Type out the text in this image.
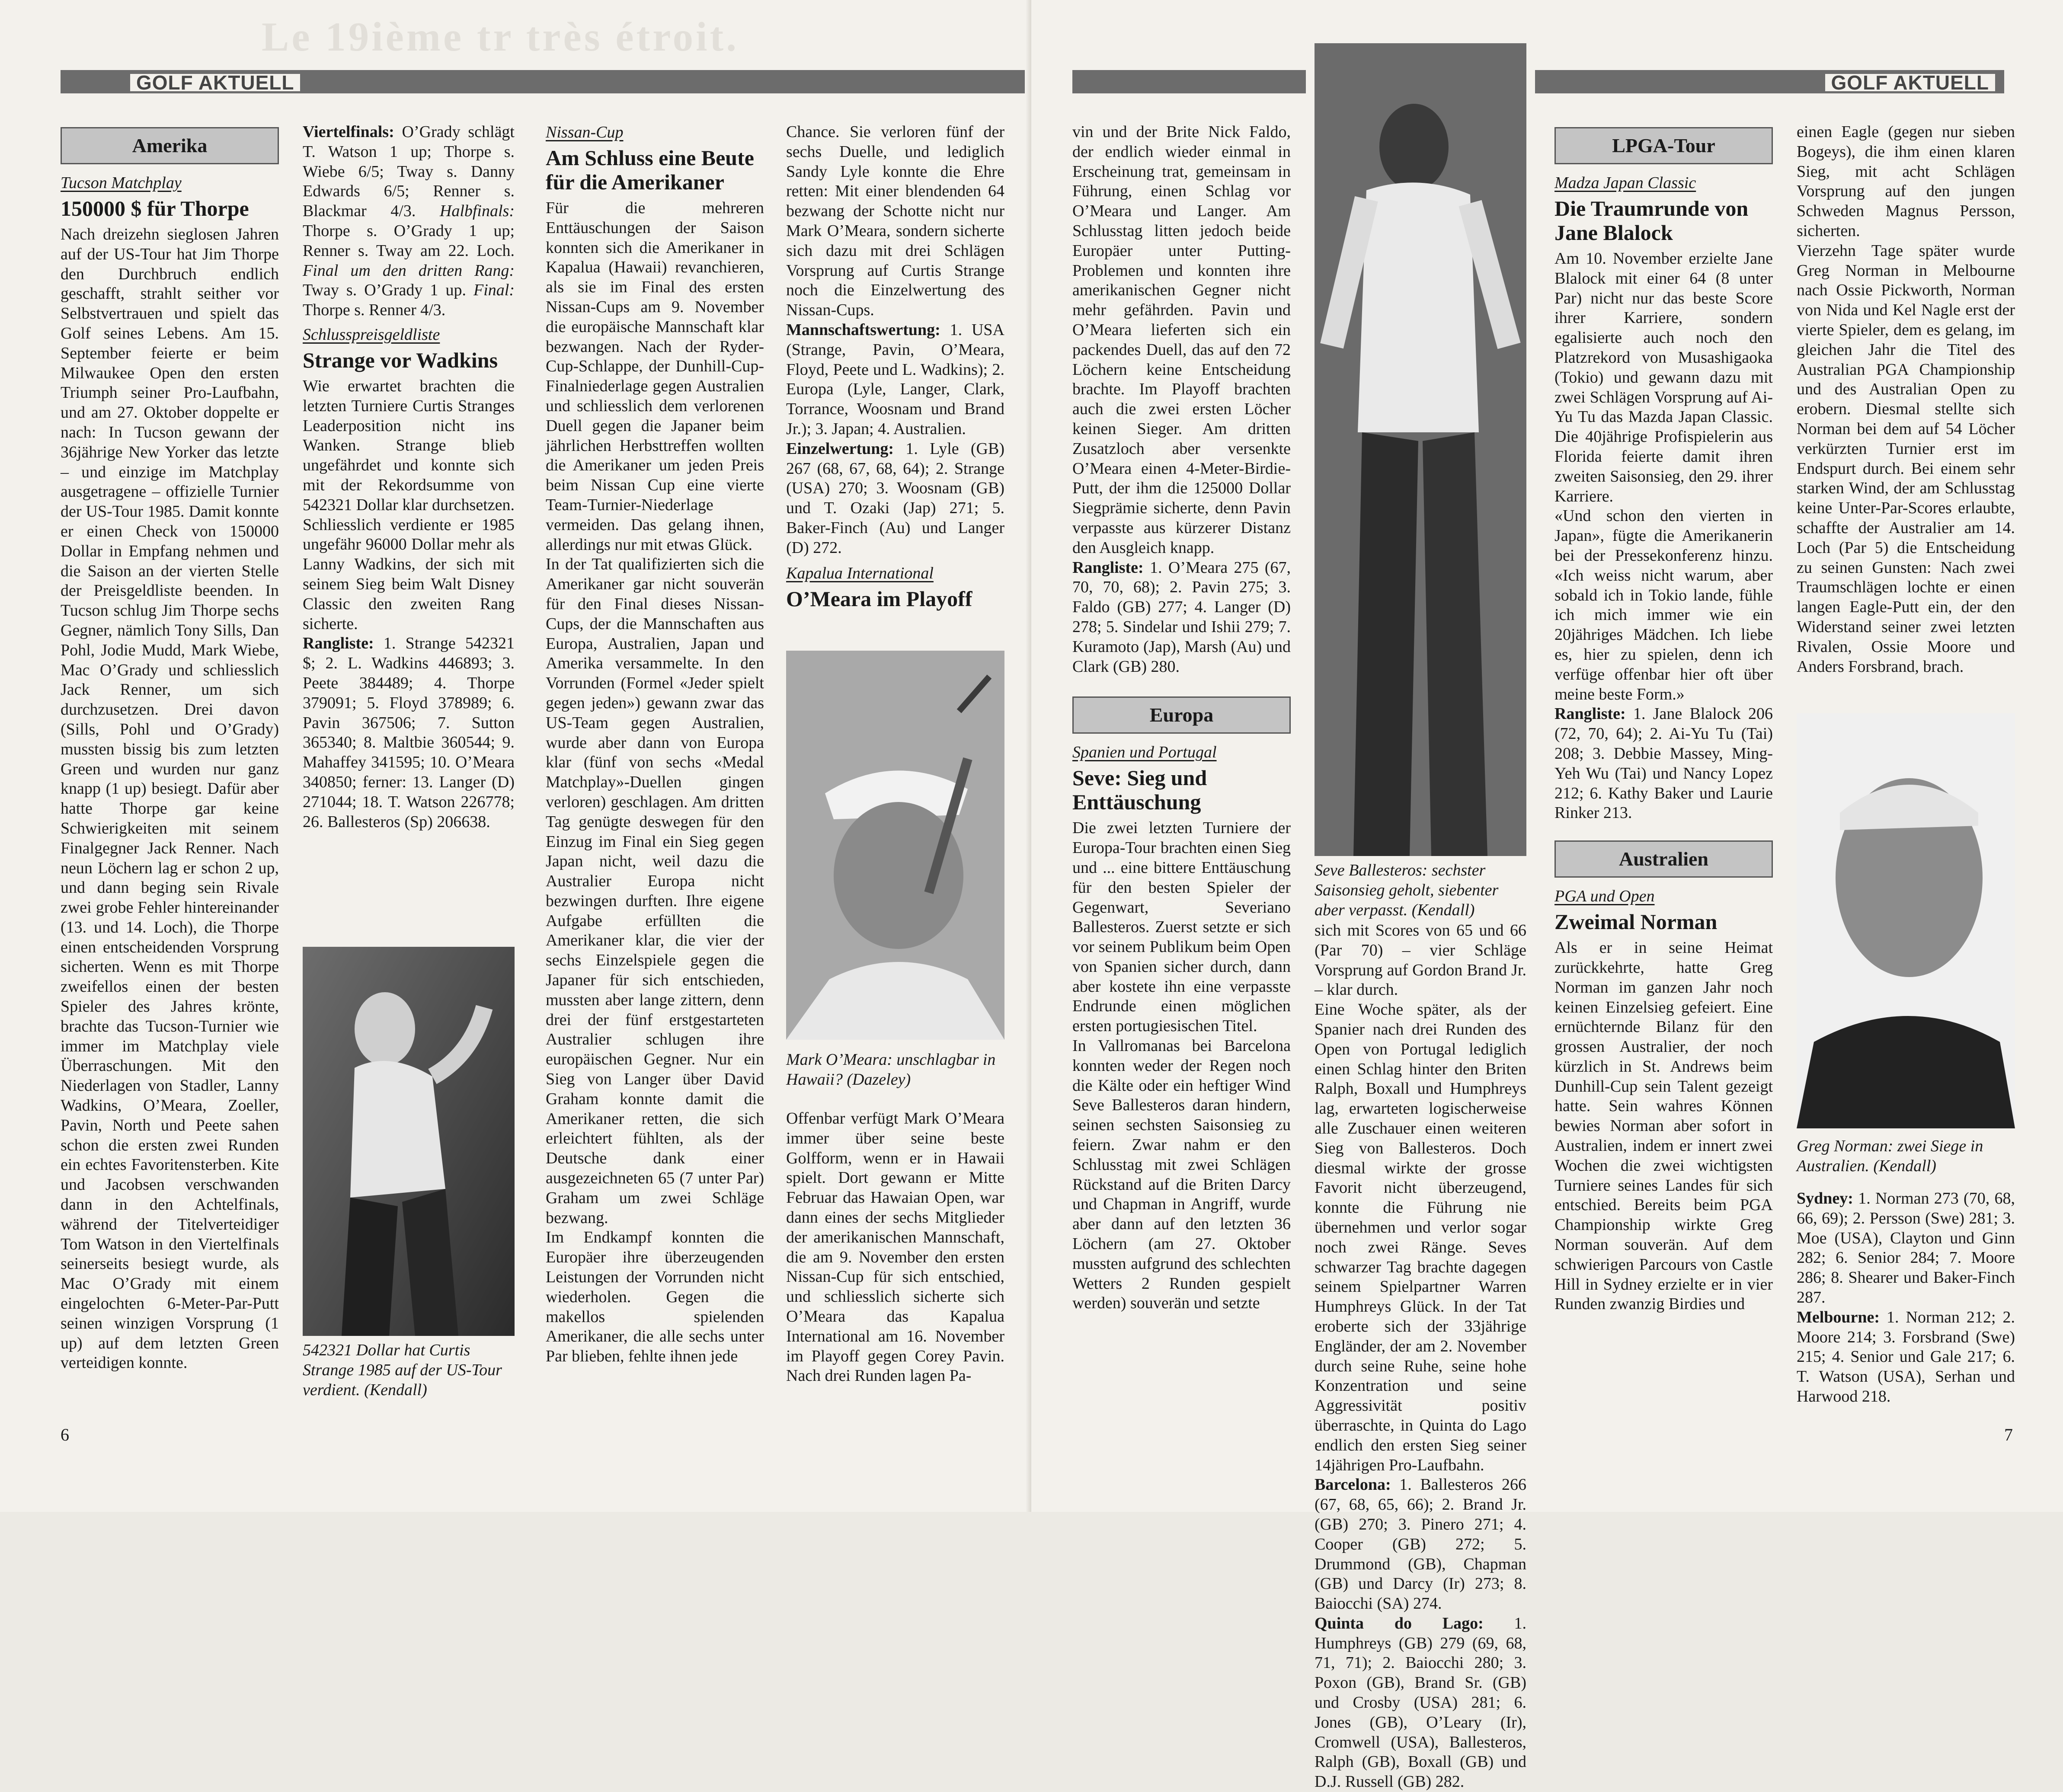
GOLF AKTUELL
Amerika
Tucson Matchplay
150000 $ für Thorpe

Nach dreizehn sieglosen Jahren auf der US-Tour hat Jim Thorpe den Durchbruch endlich geschafft, strahlt seither vor Selbstvertrauen und spielt das Golf seines Lebens. Am 15. September feierte er beim Milwaukee Open den ersten Triumph seiner Pro-Laufbahn, und am 27. Oktober doppelte er nach: In Tucson gewann der 36jährige New Yorker das letzte – und einzige im Matchplay ausgetragene – offizielle Turnier der US-Tour 1985. Damit konnte er einen Check von 150000 Dollar in Empfang nehmen und die Saison an der vierten Stelle der Preisgeldliste beenden. In Tucson schlug Jim Thorpe sechs Gegner, nämlich Tony Sills, Dan Pohl, Jodie Mudd, Mark Wiebe, Mac O’Grady und schliesslich Jack Renner, um sich durchzusetzen. Drei davon (Sills, Pohl und O’Grady) mussten bissig bis zum letzten Green und wurden nur ganz knapp (1 up) besiegt. Dafür aber hatte Thorpe gar keine Schwierigkeiten mit seinem Finalgegner Jack Renner. Nach neun Löchern lag er schon 2 up, und dann beging sein Rivale zwei grobe Fehler hintereinander (13. und 14. Loch), die Thorpe einen entscheidenden Vorsprung sicherten. Wenn es mit Thorpe zweifellos einen der besten Spieler des Jahres krönte, brachte das Tucson-Turnier wie immer im Matchplay viele Überraschungen. Mit den Niederlagen von Stadler, Lanny Wadkins, O’Meara, Zoeller, Pavin, North und Peete sahen schon die ersten zwei Runden ein echtes Favoritensterben. Kite und Jacobsen verschwanden dann in den Achtelfinals, während der Titelverteidiger Tom Watson in den Viertelfinals seinerseits besiegt wurde, als Mac O’Grady mit einem eingelochten 6-Meter-Par-Putt seinen winzigen Vorsprung (1 up) auf dem letzten Green verteidigen konnte.

Viertelfinals: O’Grady schlägt T. Watson 1 up; Thorpe s. Wiebe 6/5; Tway s. Danny Edwards 6/5; Renner s. Blackmar 4/3. Halbfinals: Thorpe s. O’Grady 1 up; Renner s. Tway am 22. Loch. Final um den dritten Rang: Tway s. O’Grady 1 up. Final: Thorpe s. Renner 4/3.

Schlusspreisgeldliste
Strange vor Wadkins

Wie erwartet brachten die letzten Turniere Curtis Stranges Leaderposition nicht ins Wanken. Strange blieb ungefährdet und konnte sich mit der Rekordsumme von 542321 Dollar klar durchsetzen. Schliesslich verdiente er 1985 ungefähr 96000 Dollar mehr als Lanny Wadkins, der sich mit seinem Sieg beim Walt Disney Classic den zweiten Rang sicherte.

Rangliste: 1. Strange 542321 $; 2. L. Wadkins 446893; 3. Peete 384489; 4. Thorpe 379091; 5. Floyd 378989; 6. Pavin 367506; 7. Sutton 365340; 8. Maltbie 360544; 9. Mahaffey 341595; 10. O’Meara 340850; ferner: 13. Langer (D) 271044; 18. T. Watson 226778; 26. Ballesteros (Sp) 206638.

542321 Dollar hat Curtis Strange 1985 auf der US-Tour verdient. (Kendall)
Nissan-Cup
Am Schluss eine Beute für die Amerikaner

Für die mehreren Enttäuschungen der Saison konnten sich die Amerikaner in Kapalua (Hawaii) revanchieren, als sie im Final des ersten Nissan-Cups am 9. November die europäische Mannschaft klar bezwangen. Nach der Ryder-Cup-Schlappe, der Dunhill-Cup-Finalniederlage gegen Australien und schliesslich dem verlorenen Duell gegen die Japaner beim jährlichen Herbsttreffen wollten die Amerikaner um jeden Preis beim Nissan Cup eine vierte Team-Turnier-Niederlage vermeiden. Das gelang ihnen, allerdings nur mit etwas Glück.

In der Tat qualifizierten sich die Amerikaner gar nicht souverän für den Final dieses Nissan-Cups, der die Mannschaften aus Europa, Australien, Japan und Amerika versammelte. In den Vorrunden (Formel «Jeder spielt gegen jeden») gewann zwar das US-Team gegen Australien, wurde aber dann von Europa klar (fünf von sechs «Medal Matchplay»-Duellen gingen verloren) geschlagen. Am dritten Tag genügte deswegen für den Einzug im Final ein Sieg gegen Japan nicht, weil dazu die Australier Europa nicht bezwingen durften. Ihre eigene Aufgabe erfüllten die Amerikaner klar, die vier der sechs Einzelspiele gegen die Japaner für sich entschieden, mussten aber lange zittern, denn drei der fünf erstgestarteten Australier schlugen ihre europäischen Gegner. Nur ein Sieg von Langer über David Graham konnte damit die Amerikaner retten, die sich erleichtert fühlten, als der Deutsche dank einer ausgezeichneten 65 (7 unter Par) Graham um zwei Schläge bezwang.

Im Endkampf konnten die Europäer ihre überzeugenden Leistungen der Vorrunden nicht wiederholen. Gegen die makellos spielenden Amerikaner, die alle sechs unter Par blieben, fehlte ihnen jede

Chance. Sie verloren fünf der sechs Duelle, und lediglich Sandy Lyle konnte die Ehre retten: Mit einer blendenden 64 bezwang der Schotte nicht nur Mark O’Meara, sondern sicherte sich dazu mit drei Schlägen Vorsprung auf Curtis Strange noch die Einzelwertung des Nissan-Cups.

Mannschaftswertung: 1. USA (Strange, Pavin, O’Meara, Floyd, Peete und L. Wadkins); 2. Europa (Lyle, Langer, Clark, Torrance, Woosnam und Brand Jr.); 3. Japan; 4. Australien.

Einzelwertung: 1. Lyle (GB) 267 (68, 67, 68, 64); 2. Strange (USA) 270; 3. Woosnam (GB) und T. Ozaki (Jap) 271; 5. Baker-Finch (Au) und Langer (D) 272.

Kapalua International
O’Meara im Playoff
Mark O’Meara: unschlagbar in Hawaii? (Dazeley)

Offenbar verfügt Mark O’Meara immer über seine beste Golfform, wenn er in Hawaii spielt. Dort gewann er Mitte Februar das Hawaian Open, war dann eines der sechs Mitglieder der amerikanischen Mannschaft, die am 9. November den ersten Nissan-Cup für sich entschied, und schliesslich sicherte sich O’Meara das Kapalua International am 16. November im Playoff gegen Corey Pavin. Nach drei Runden lagen Pa-

6
Le 19ième tr très étroit.
GOLF AKTUELL

vin und der Brite Nick Faldo, der endlich wieder einmal in Erscheinung trat, gemeinsam in Führung, einen Schlag vor O’Meara und Langer. Am Schlusstag litten jedoch beide Europäer unter Putting-Problemen und konnten ihre amerikanischen Gegner nicht mehr gefährden. Pavin und O’Meara lieferten sich ein packendes Duell, das auf den 72 Löchern keine Entscheidung brachte. Im Playoff brachten auch die zwei ersten Löcher keinen Sieger. Am dritten Zusatzloch aber versenkte O’Meara einen 4-Meter-Birdie-Putt, der ihm die 125000 Dollar Siegprämie sicherte, denn Pavin verpasste aus kürzerer Distanz den Ausgleich knapp.

Rangliste: 1. O’Meara 275 (67, 70, 70, 68); 2. Pavin 275; 3. Faldo (GB) 277; 4. Langer (D) 278; 5. Sindelar und Ishii 279; 7. Kuramoto (Jap), Marsh (Au) und Clark (GB) 280.

Europa
Spanien und Portugal
Seve: Sieg und Enttäuschung

Die zwei letzten Turniere der Europa-Tour brachten einen Sieg und ... eine bittere Enttäuschung für den besten Spieler der Gegenwart, Severiano Ballesteros. Zuerst setzte er sich vor seinem Publikum beim Open von Spanien sicher durch, dann aber kostete ihn eine verpasste Endrunde einen möglichen ersten portugiesischen Titel.

In Vallromanas bei Barcelona konnten weder der Regen noch die Kälte oder ein heftiger Wind Seve Ballesteros daran hindern, seinen sechsten Saisonsieg zu feiern. Zwar nahm er den Schlusstag mit zwei Schlägen Rückstand auf die Briten Darcy und Chapman in Angriff, wurde aber dann auf den letzten 36 Löchern (am 27. Oktober mussten aufgrund des schlechten Wetters 2 Runden gespielt werden) souverän und setzte

Seve Ballesteros: sechster Saisonsieg geholt, siebenter aber verpasst. (Kendall)

sich mit Scores von 65 und 66 (Par 70) – vier Schläge Vorsprung auf Gordon Brand Jr. – klar durch.

Eine Woche später, als der Spanier nach drei Runden des Open von Portugal lediglich einen Schlag hinter den Briten Ralph, Boxall und Humphreys lag, erwarteten logischerweise alle Zuschauer einen weiteren Sieg von Ballesteros. Doch diesmal wirkte der grosse Favorit nicht überzeugend, konnte die Führung nie übernehmen und verlor sogar noch zwei Ränge. Seves schwarzer Tag brachte dagegen seinem Spielpartner Warren Humphreys Glück. In der Tat eroberte sich der 33jährige Engländer, der am 2. November durch seine Ruhe, seine hohe Konzentration und seine Aggressivität positiv überraschte, in Quinta do Lago endlich den ersten Sieg seiner 14jährigen Pro-Laufbahn.

Barcelona: 1. Ballesteros 266 (67, 68, 65, 66); 2. Brand Jr. (GB) 270; 3. Pinero 271; 4. Cooper (GB) 272; 5. Drummond (GB), Chapman (GB) und Darcy (Ir) 273; 8. Baiocchi (SA) 274.

Quinta do Lago: 1. Humphreys (GB) 279 (69, 68, 71, 71); 2. Baiocchi 280; 3. Poxon (GB), Brand Sr. (GB) und Crosby (USA) 281; 6. Jones (GB), O’Leary (Ir), Cromwell (USA), Ballesteros, Ralph (GB), Boxall (GB) und D.J. Russell (GB) 282.

LPGA-Tour
Madza Japan Classic
Die Traumrunde von Jane Blalock

Am 10. November erzielte Jane Blalock mit einer 64 (8 unter Par) nicht nur das beste Score ihrer Karriere, sondern egalisierte auch noch den Platzrekord von Musashigaoka (Tokio) und gewann dazu mit zwei Schlägen Vorsprung auf Ai-Yu Tu das Mazda Japan Classic. Die 40jährige Profispielerin aus Florida feierte damit ihren zweiten Saisonsieg, den 29. ihrer Karriere.

«Und schon den vierten in Japan», fügte die Amerikanerin bei der Pressekonferenz hinzu. «Ich weiss nicht warum, aber sobald ich in Tokio lande, fühle ich mich immer wie ein 20jähriges Mädchen. Ich liebe es, hier zu spielen, denn ich verfüge offenbar hier oft über meine beste Form.»

Rangliste: 1. Jane Blalock 206 (72, 70, 64); 2. Ai-Yu Tu (Tai) 208; 3. Debbie Massey, Ming-Yeh Wu (Tai) und Nancy Lopez 212; 6. Kathy Baker und Laurie Rinker 213.

Australien
PGA und Open
Zweimal Norman

Als er in seine Heimat zurückkehrte, hatte Greg Norman im ganzen Jahr noch keinen Einzelsieg gefeiert. Eine ernüchternde Bilanz für den grossen Australier, der noch kürzlich in St. Andrews beim Dunhill-Cup sein Talent gezeigt hatte. Sein wahres Können bewies Norman aber sofort in Australien, indem er innert zwei Wochen die zwei wichtigsten Turniere seines Landes für sich entschied. Bereits beim PGA Championship wirkte Greg Norman souverän. Auf dem schwierigen Parcours von Castle Hill in Sydney erzielte er in vier Runden zwanzig Birdies und

einen Eagle (gegen nur sieben Bogeys), die ihm einen klaren Sieg, mit acht Schlägen Vorsprung auf den jungen Schweden Magnus Persson, sicherten.

Vierzehn Tage später wurde Greg Norman in Melbourne nach Ossie Pickworth, Norman von Nida und Kel Nagle erst der vierte Spieler, dem es gelang, im gleichen Jahr die Titel des Australian PGA Championship und des Australian Open zu erobern. Diesmal stellte sich Norman bei dem auf 54 Löcher verkürzten Turnier erst im Endspurt durch. Bei einem sehr starken Wind, der am Schlusstag keine Unter-Par-Scores erlaubte, schaffte der Australier am 14. Loch (Par 5) die Entscheidung zu seinen Gunsten: Nach zwei Traumschlägen lochte er einen langen Eagle-Putt ein, der den Widerstand seiner zwei letzten Rivalen, Ossie Moore und Anders Forsbrand, brach.

Greg Norman: zwei Siege in Australien. (Kendall)

Sydney: 1. Norman 273 (70, 68, 66, 69); 2. Persson (Swe) 281; 3. Moe (USA), Clayton und Ginn 282; 6. Senior 284; 7. Moore 286; 8. Shearer und Baker-Finch 287.

Melbourne: 1. Norman 212; 2. Moore 214; 3. Forsbrand (Swe) 215; 4. Senior und Gale 217; 6. T. Watson (USA), Serhan und Harwood 218.

7
